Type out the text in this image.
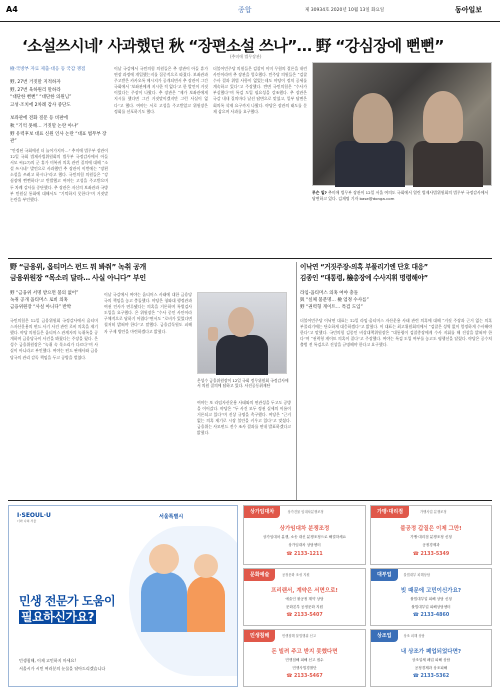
A4	종합	제 30934호 2020년 10월 13일 화요일	동아일보
‘소설쓰시네’ 사과했던 秋 “장편소설 쓰나”… 野 “강심장에 뻔뻔”
(추미애 법무장관)
檢·국방부 자료 제출·대응 등 국감 쟁점
野, 27번 거짓말 지적하자
野, 27번 육하원리 말하라
“대단한 뻔뻔” “대단한 의원님”
고성·조치에 2차례 감사 중단도
보좌관에 전화 질문 등 비판에
秋 “기억 못해… 거짓말 논란 아냐”
野 유력후보 대표 신원 인사 논란 “대표 법무부 장관”
“안정된 국회에선 더 늘어가지마…” 추미애 법무부 장관이 12일 국회 법제사법위원회의 법무부 국정감사에서 아들 서모 씨(27)의 군 휴가 미복귀 의혹 관련 질의에 대해 “소설 쓰시네” 발언으로 사과했던 추 장관이 이번에는 “장편소설을 쓰려고 하시나”라고 했다. 국민의힘 의원들은 “강심장에 뻔뻔하다”고 반발했고 여야는 고성을 주고받으며 두 차례 감사를 중단했다. 추 장관은 자신의 보좌관과 국방부 민원실 통화에 대해서도 “기억하지 못한다”며 거짓말 논란을 부인했다.
이날 국감에서 국민의힘 의원들은 추 장관이 아들 휴가 연장 과정에 개입했는지를 집중적으로 따졌다. 보좌관과 주고받은 카카오톡 메시지가 공개되면서 추 장관이 그간 국회에서 ‘보좌관에게 지시한 적 없다’고 한 발언이 거짓이었다는 주장이 나왔다. 추 장관은 “제가 보좌관에게 지시를 했다면 그건 거짓말이겠지만 그런 사실이 없다”고 했다. 여야는 서로 고성을 주고받았고 위원장은 정회를 선포하기도 했다.
더불어민주당 의원들은 검찰이 이미 무혐의 결론을 내린 사안이라며 추 장관을 엄호했다. 민주당 의원들은 “검찰 수사 결과 위법 사항이 없었는데도 야당이 정치 공세를 계속하고 있다”고 주장했다. 반면 국민의힘은 “수사가 부실했다”며 특검 도입 필요성을 강조했다. 추 장관은 국감 내내 질의마다 날선 답변으로 맞섰고, 일부 답변은 회의록 삭제 요구까지 나왔다. 야당은 장관의 태도를 문제 삼으며 사과를 요구했다.
무슨 일? 추미애 법무부 장관이 12일 서울 여의도 국회에서 열린 법제사법위원회의 법무부 국정감사에서 답변하고 있다. 김재명 기자 base@donga.com
野 “금융위, 옵티머스 펀드 뭐 봐줘” 녹취 공개
금융위원장 “목소리 달라… 사실 아니다” 부인
野 “금융위 서명 받으면 불의 없어”
녹취 공개 옵티머스 로비 의혹
금융위원장 “사실 아니다” 반박
국민의힘은 12일 금융위원회 국정감사에서 옵티머스자산운용의 펀드 사기 사건 관련 로비 의혹을 제기했다. 야당 의원들은 옵티머스 관계자의 녹취록을 공개하며 금융당국이 사건을 봐줬다는 주장을 폈다. 은성수 금융위원장은 “녹취 속 목소리가 다르다”며 사실이 아니라고 부인했다. 여야는 펀드 판매사와 금융당국의 관리 감독 책임을 두고 공방을 벌였다.
이날 국감에서 여야는 옵티머스 사태에 대한 금융당국의 책임을 놓고 충돌했다. 야당은 청와대 행정관과 여권 인사가 연루됐다는 의혹을 거론하며 특별검사 도입을 요구했다. 은 위원장은 “수사 중인 사안이라 구체적으로 답하기 어렵다”면서도 “로비가 있었다면 철저히 밝혀야 한다”고 말했다. 금융감독원도 피해자 구제 방안을 마련하겠다고 밝혔다.
은성수 금융위원장이 12일 국회 정무위원회 국정감사에서 의원 질의에 답하고 있다. 사진공동취재단
여야는 또 라임자산운용 사태와의 연관성을 두고도 공방을 이어갔다. 야당은 “두 사건 모두 정권 실세의 이름이 거론되고 있다”며 진상 규명을 촉구했다. 여당은 “근거 없는 의혹 제기로 시장 불안을 키우고 있다”고 맞섰다. 금융위는 사모펀드 전수 조사 결과를 연내 발표하겠다고 밝혔다.
이낙연 “거짓주장-의혹 부풀리기엔 단호 대응”
김종인 “대통령, 檢총장에 수사지휘 명령해야”
라임-옵티머스 의혹 여야 충돌
與 “실체 불분명… 檢 엄정 수사를”
野 “권력형 게이트… 특검 도입”
더불어민주당 이낙연 대표는 12일 라임·옵티머스 자산운용 사태 관련 의혹에 대해 “거짓 주장과 근거 없는 의혹 부풀리기에는 단호하게 대응하겠다”고 밝혔다. 이 대표는 최고위원회의에서 “검찰은 성역 없이 엄정하게 수사해야 한다”고 말했다. 국민의힘 김종인 비상대책위원장은 “대통령이 검찰총장에게 수사 지휘를 해 진상을 밝혀야 한다”며 “권력형 게이트 의혹이 짙다”고 주장했다. 여야는 특검 도입 여부를 놓고도 평행선을 달렸다. 야당은 공수처 출범 전 특검으로 진상을 규명해야 한다고 요구했다.
I·SEOUL·U
너와 나의 서울
서울특별시
민생 전문가 도움이
필요하신가요?
민생침해, 이제 고민하지 마세요!
서울시가 시민 여러분의 눈물을 닦아드리겠습니다
상가임대차	상가건물 임대차분쟁조정
상가임대차 분쟁조정
상가임대차 분쟁, 소송 대신 분쟁조정으로 해결하세요
상가임대차 상담센터
☎ 2133-1211
가맹·대리점	가맹사업 분쟁조정
불공정 갑질은 이제 그만!
가맹·대리점 분쟁조정 신청
공정경제과
☎ 2133-5349
문화예술	공정문화 조성 지원
프리랜서, 계약은 서면으로!
예술인 불공정 계약 상담
문화본부 공정문화 지원
☎ 2133-5407
대부업	불법대부 피해상담
빚 때문에 고민이신가요?
불법대부업 피해 상담 신청
불법대부업 피해상담센터
☎ 2133-4860
민생침해	민생침해 불법행위 신고
돈 빌려 주고 받지 못했다면
민생침해 피해 신고 접수
민생사법경찰단
☎ 2133-5467
상조업	상조 피해 상담
내 상조가 폐업되었다면?
상조업체 폐업 피해 상담
공정경제과 상조피해
☎ 2133-5362
